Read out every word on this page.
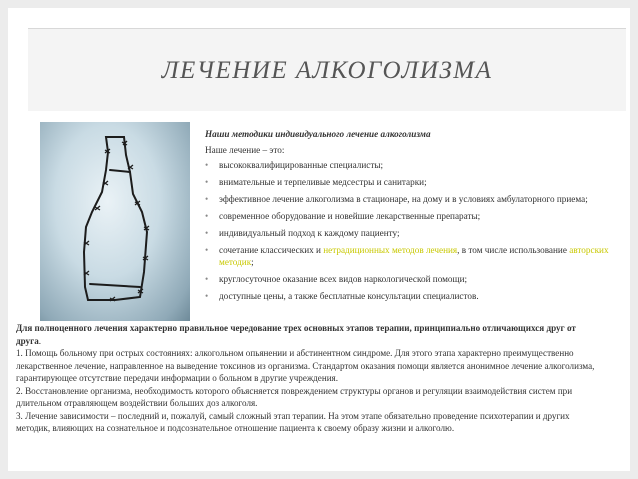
ЛЕЧЕНИЕ АЛКОГОЛИЗМА
Наши методики индивидуального лечение алкоголизма
Наше лечение – это:
• высококвалифицированные специалисты;
• внимательные и терпеливые медсестры и санитарки;
• эффективное лечение алкоголизма в стационаре, на дому и в условиях амбулаторного приема;
• современное оборудование и новейшие лекарственные препараты;
• индивидуальный подход к каждому пациенту;
• сочетание классических и нетрадиционных методов лечения, в том числе использование авторских методик;
• круглосуточное оказание всех видов наркологической помощи;
• доступные цены, а также бесплатные консультации специалистов.

Для полноценного лечения характерно правильное чередование трех основных этапов терапии, принципиально отличающихся друг от друга.

1. Помощь больному при острых состояниях: алкогольном опьянении и абстинентном синдроме. Для этого этапа характерно преимущественно лекарственное лечение, направленное на выведение токсинов из организма. Стандартом оказания помощи является анонимное лечение алкоголизма, гарантирующее отсутствие передачи информации о больном в другие учреждения.

2. Восстановление организма, необходимость которого объясняется повреждением структуры органов и регуляции взаимодействия систем при длительном отравляющем воздействии больших доз алкоголя.

3. Лечение зависимости – последний и, пожалуй, самый сложный этап терапии. На этом этапе обязательно проведение психотерапии и других методик, влияющих на сознательное и подсознательное отношение пациента к своему образу жизни и алкоголю.
